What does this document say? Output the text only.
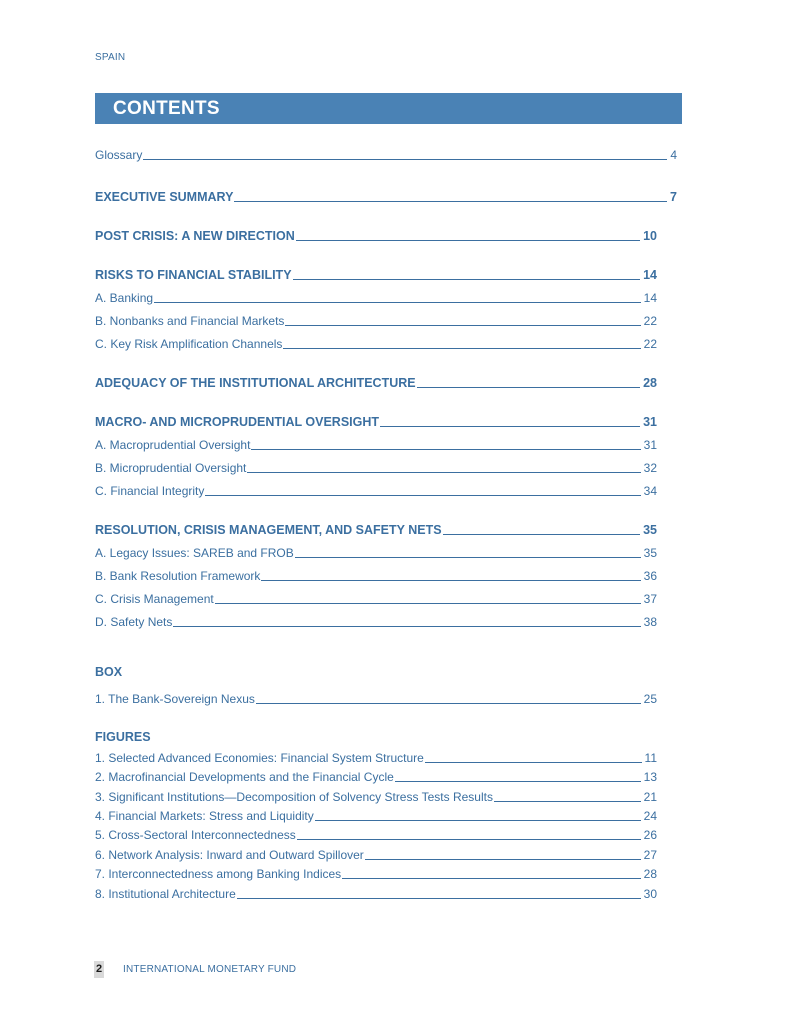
SPAIN
CONTENTS
Glossary	4
EXECUTIVE SUMMARY	7
POST CRISIS: A NEW DIRECTION	10
RISKS TO FINANCIAL STABILITY	14
A. Banking	14
B. Nonbanks and Financial Markets	22
C. Key Risk Amplification Channels	22
ADEQUACY OF THE INSTITUTIONAL ARCHITECTURE	28
MACRO- AND MICROPRUDENTIAL OVERSIGHT	31
A. Macroprudential Oversight	31
B. Microprudential Oversight	32
C. Financial Integrity	34
RESOLUTION, CRISIS MANAGEMENT, AND SAFETY NETS	35
A. Legacy Issues: SAREB and FROB	35
B. Bank Resolution Framework	36
C. Crisis Management	37
D. Safety Nets	38
BOX
1. The Bank-Sovereign Nexus	25
FIGURES
1. Selected Advanced Economies: Financial System Structure	11
2. Macrofinancial Developments and the Financial Cycle	13
3. Significant Institutions—Decomposition of Solvency Stress Tests Results	21
4. Financial Markets: Stress and Liquidity	24
5. Cross-Sectoral Interconnectedness	26
6. Network Analysis: Inward and Outward Spillover	27
7. Interconnectedness among Banking Indices	28
8. Institutional Architecture	30
2 INTERNATIONAL MONETARY FUND
